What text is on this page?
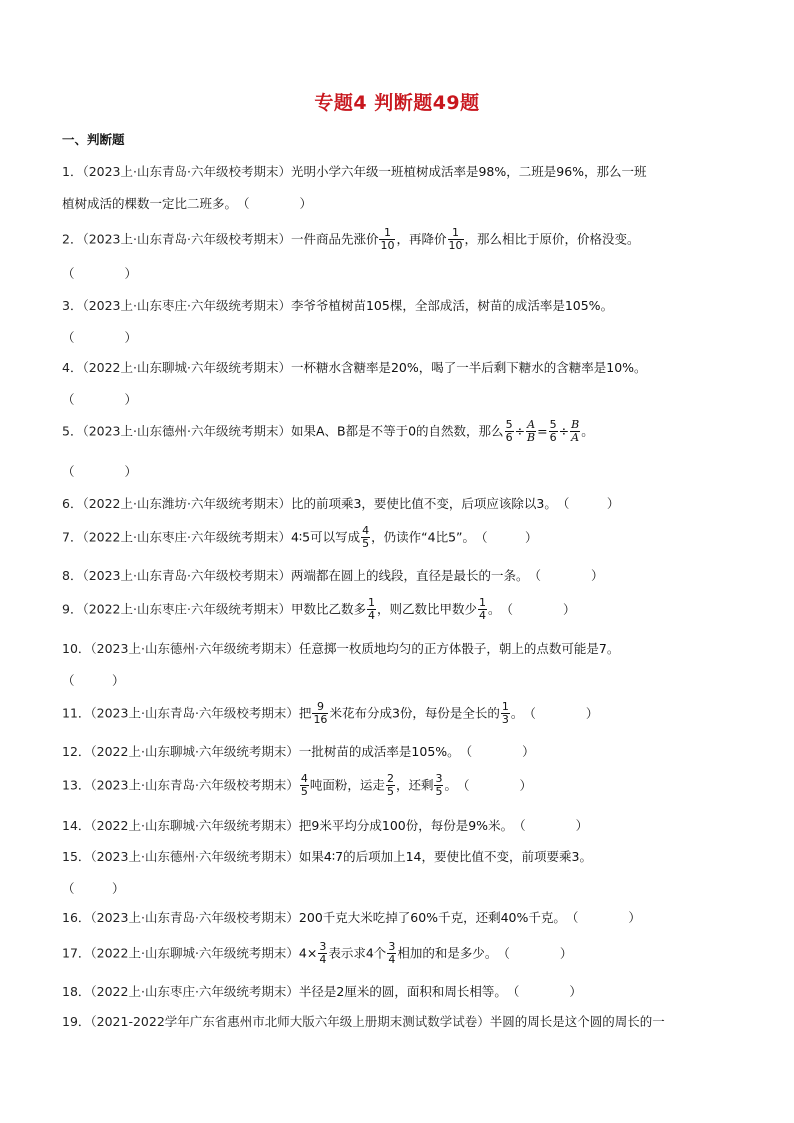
专题4 判断题49题
一、判断题
1．（2023上·山东青岛·六年级校考期末）光明小学六年级一班植树成活率是98%，二班是96%，那么一班
植树成活的棵数一定比二班多。（　　　　）
2．（2023上·山东青岛·六年级校考期末）一件商品先涨价 $\frac{1}{10}$ ，再降价 $\frac{1}{10}$ ，那么相比于原价，价格没变。
（　　　　）
3．（2023上·山东枣庄·六年级统考期末）李爷爷植树苗105棵，全部成活，树苗的成活率是105%。
（　　　　）
4．（2022上·山东聊城·六年级统考期末）一杯糖水含糖率是20%，喝了一半后剩下糖水的含糖率是10%。
（　　　　）
5．（2023上·山东德州·六年级统考期末）如果A、B都是不等于0的自然数，那么 $\frac{5}{6} \div \frac{A}{B} = \frac{5}{6} \div \frac{B}{A}$ 。
（　　　　）
6．（2022上·山东潍坊·六年级统考期末）比的前项乘3，要使比值不变，后项应该除以3。（　　　）
7．（2022上·山东枣庄·六年级统考期末）4∶5可以写成 $\frac{4}{5}$ ，仍读作“4比5”。（　　　）
8．（2023上·山东青岛·六年级校考期末）两端都在圆上的线段，直径是最长的一条。（　　　　）
9．（2022上·山东枣庄·六年级统考期末）甲数比乙数多 $\frac{1}{4}$ ，则乙数比甲数少 $\frac{1}{4}$ 。（　　　　）
10．（2023上·山东德州·六年级统考期末）任意掷一枚质地均匀的正方体骰子，朝上的点数可能是7。
（　　　）
11．（2023上·山东青岛·六年级校考期末）把 $\frac{9}{16}$ 米花布分成3份，每份是全长的 $\frac{1}{3}$ 。（　　　　）
12．（2022上·山东聊城·六年级统考期末）一批树苗的成活率是105%。（　　　　）
13．（2023上·山东青岛·六年级校考期末） $\frac{4}{5}$ 吨面粉，运走 $\frac{2}{5}$ ，还剩 $\frac{3}{5}$ 。（　　　　）
14．（2022上·山东聊城·六年级统考期末）把9米平均分成100份，每份是9%米。（　　　　）
15．（2023上·山东德州·六年级统考期末）如果4∶7的后项加上14，要使比值不变，前项要乘3。
（　　　）
16．（2023上·山东青岛·六年级校考期末）200千克大米吃掉了60%千克，还剩40%千克。（　　　　）
17．（2022上·山东聊城·六年级统考期末）$4\times \frac{3}{4}$ 表示求4个 $\frac{3}{4}$ 相加的和是多少。（　　　　）
18．（2022上·山东枣庄·六年级统考期末）半径是2厘米的圆，面积和周长相等。（　　　　）
19．（2021-2022学年广东省惠州市北师大版六年级上册期末测试数学试卷）半圆的周长是这个圆的周长的一
